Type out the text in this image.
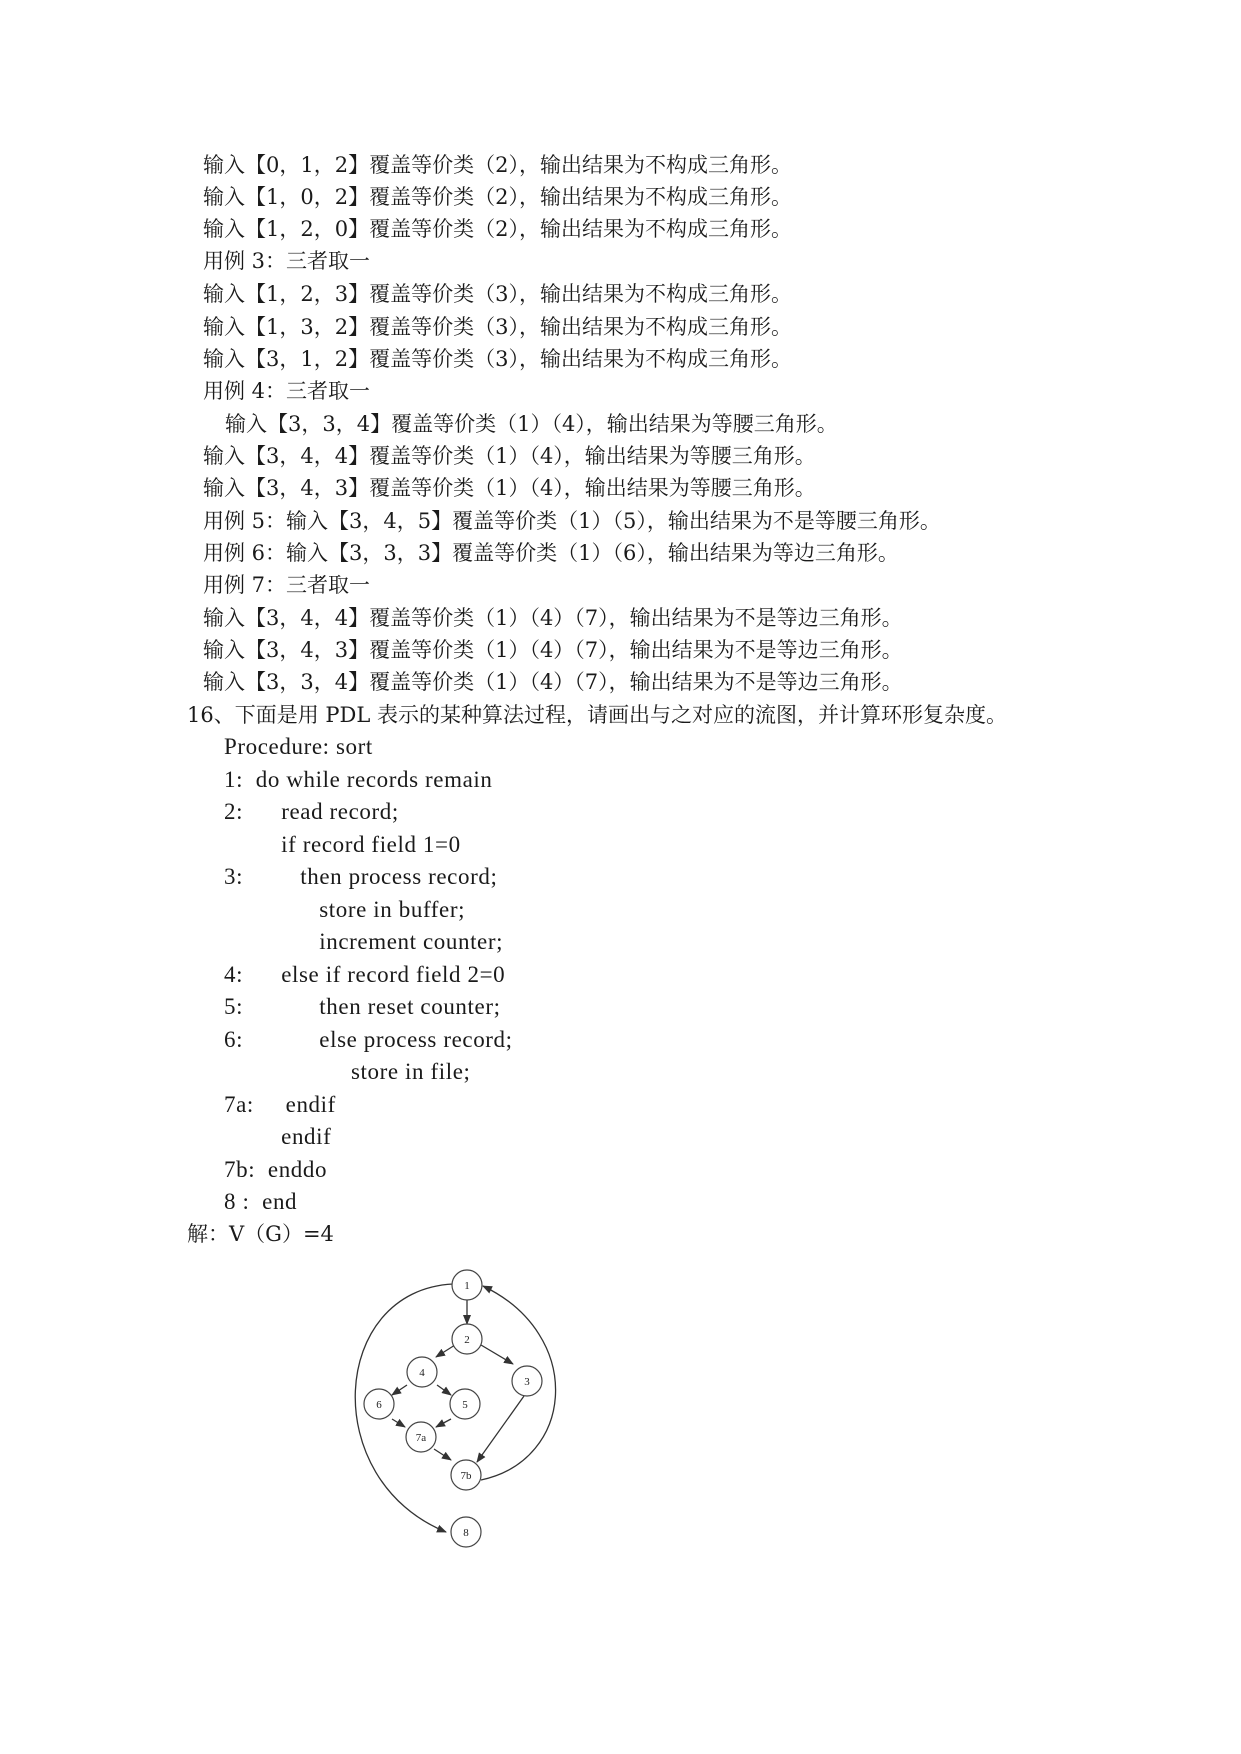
输入【0，1，2】覆盖等价类（2），输出结果为不构成三角形。
输入【1，0，2】覆盖等价类（2），输出结果为不构成三角形。
输入【1，2，0】覆盖等价类（2），输出结果为不构成三角形。
用例 3：三者取一
输入【1，2，3】覆盖等价类（3），输出结果为不构成三角形。
输入【1，3，2】覆盖等价类（3），输出结果为不构成三角形。
输入【3，1，2】覆盖等价类（3），输出结果为不构成三角形。
用例 4：三者取一
输入【3，3，4】覆盖等价类（1）（4），输出结果为等腰三角形。
输入【3，4，4】覆盖等价类（1）（4），输出结果为等腰三角形。
输入【3，4，3】覆盖等价类（1）（4），输出结果为等腰三角形。
用例 5：输入【3，4，5】覆盖等价类（1）（5），输出结果为不是等腰三角形。
用例 6：输入【3，3，3】覆盖等价类（1）（6），输出结果为等边三角形。
用例 7：三者取一
输入【3，4，4】覆盖等价类（1）（4）（7），输出结果为不是等边三角形。
输入【3，4，3】覆盖等价类（1）（4）（7），输出结果为不是等边三角形。
输入【3，3，4】覆盖等价类（1）（4）（7），输出结果为不是等边三角形。
16、下面是用 PDL 表示的某种算法过程，请画出与之对应的流图，并计算环形复杂度。
Procedure: sort
1:  do while records remain
2:      read record;
if record field 1=0
3:         then process record;
store in buffer;
increment counter;
4:      else if record field 2=0
5:            then reset counter;
6:            else process record;
store in file;
7a:     endif
endif
7b:  enddo
8 :  end
解：V（G）=4
1
2
3
4
5
6
7a
7b
8
